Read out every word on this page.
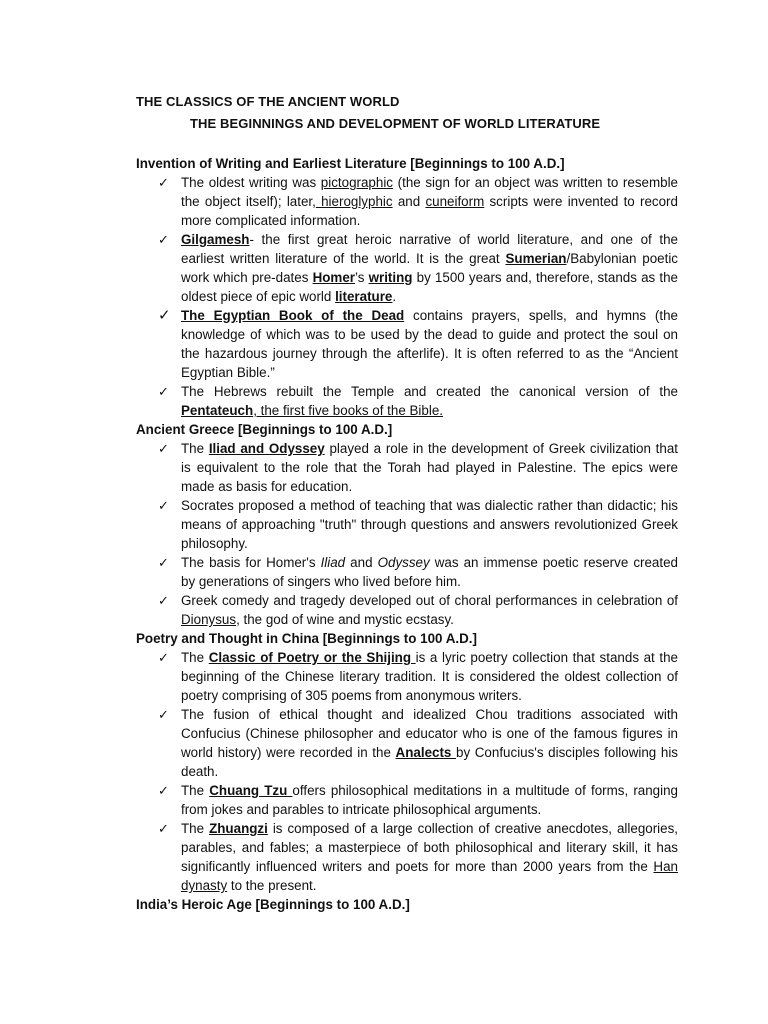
THE CLASSICS OF THE ANCIENT WORLD
THE BEGINNINGS AND DEVELOPMENT OF WORLD LITERATURE

Invention of Writing and Earliest Literature [Beginnings to 100 A.D.]

✓ The oldest writing was pictographic (the sign for an object was written to resemble the object itself); later, hieroglyphic and cuneiform scripts were invented to record more complicated information.
✓ Gilgamesh- the first great heroic narrative of world literature, and one of the earliest written literature of the world. It is the great Sumerian/Babylonian poetic work which pre-dates Homer’s writing by 1500 years and, therefore, stands as the oldest piece of epic world literature.
✓ The Egyptian Book of the Dead contains prayers, spells, and hymns (the knowledge of which was to be used by the dead to guide and protect the soul on the hazardous journey through the afterlife). It is often referred to as the “Ancient Egyptian Bible.”
✓ The Hebrews rebuilt the Temple and created the canonical version of the Pentateuch, the first five books of the Bible.

Ancient Greece [Beginnings to 100 A.D.]

✓ The Iliad and Odyssey played a role in the development of Greek civilization that is equivalent to the role that the Torah had played in Palestine. The epics were made as basis for education.
✓ Socrates proposed a method of teaching that was dialectic rather than didactic; his means of approaching "truth" through questions and answers revolutionized Greek philosophy.
✓ The basis for Homer's Iliad and Odyssey was an immense poetic reserve created by generations of singers who lived before him.
✓ Greek comedy and tragedy developed out of choral performances in celebration of Dionysus, the god of wine and mystic ecstasy.

Poetry and Thought in China [Beginnings to 100 A.D.]

✓ The Classic of Poetry or the Shijing is a lyric poetry collection that stands at the beginning of the Chinese literary tradition. It is considered the oldest collection of poetry comprising of 305 poems from anonymous writers.
✓ The fusion of ethical thought and idealized Chou traditions associated with Confucius (Chinese philosopher and educator who is one of the famous figures in world history) were recorded in the Analects by Confucius's disciples following his death.
✓ The Chuang Tzu offers philosophical meditations in a multitude of forms, ranging from jokes and parables to intricate philosophical arguments.
✓ The Zhuangzi is composed of a large collection of creative anecdotes, allegories, parables, and fables; a masterpiece of both philosophical and literary skill, it has significantly influenced writers and poets for more than 2000 years from the Han dynasty to the present.

India’s Heroic Age [Beginnings to 100 A.D.]
